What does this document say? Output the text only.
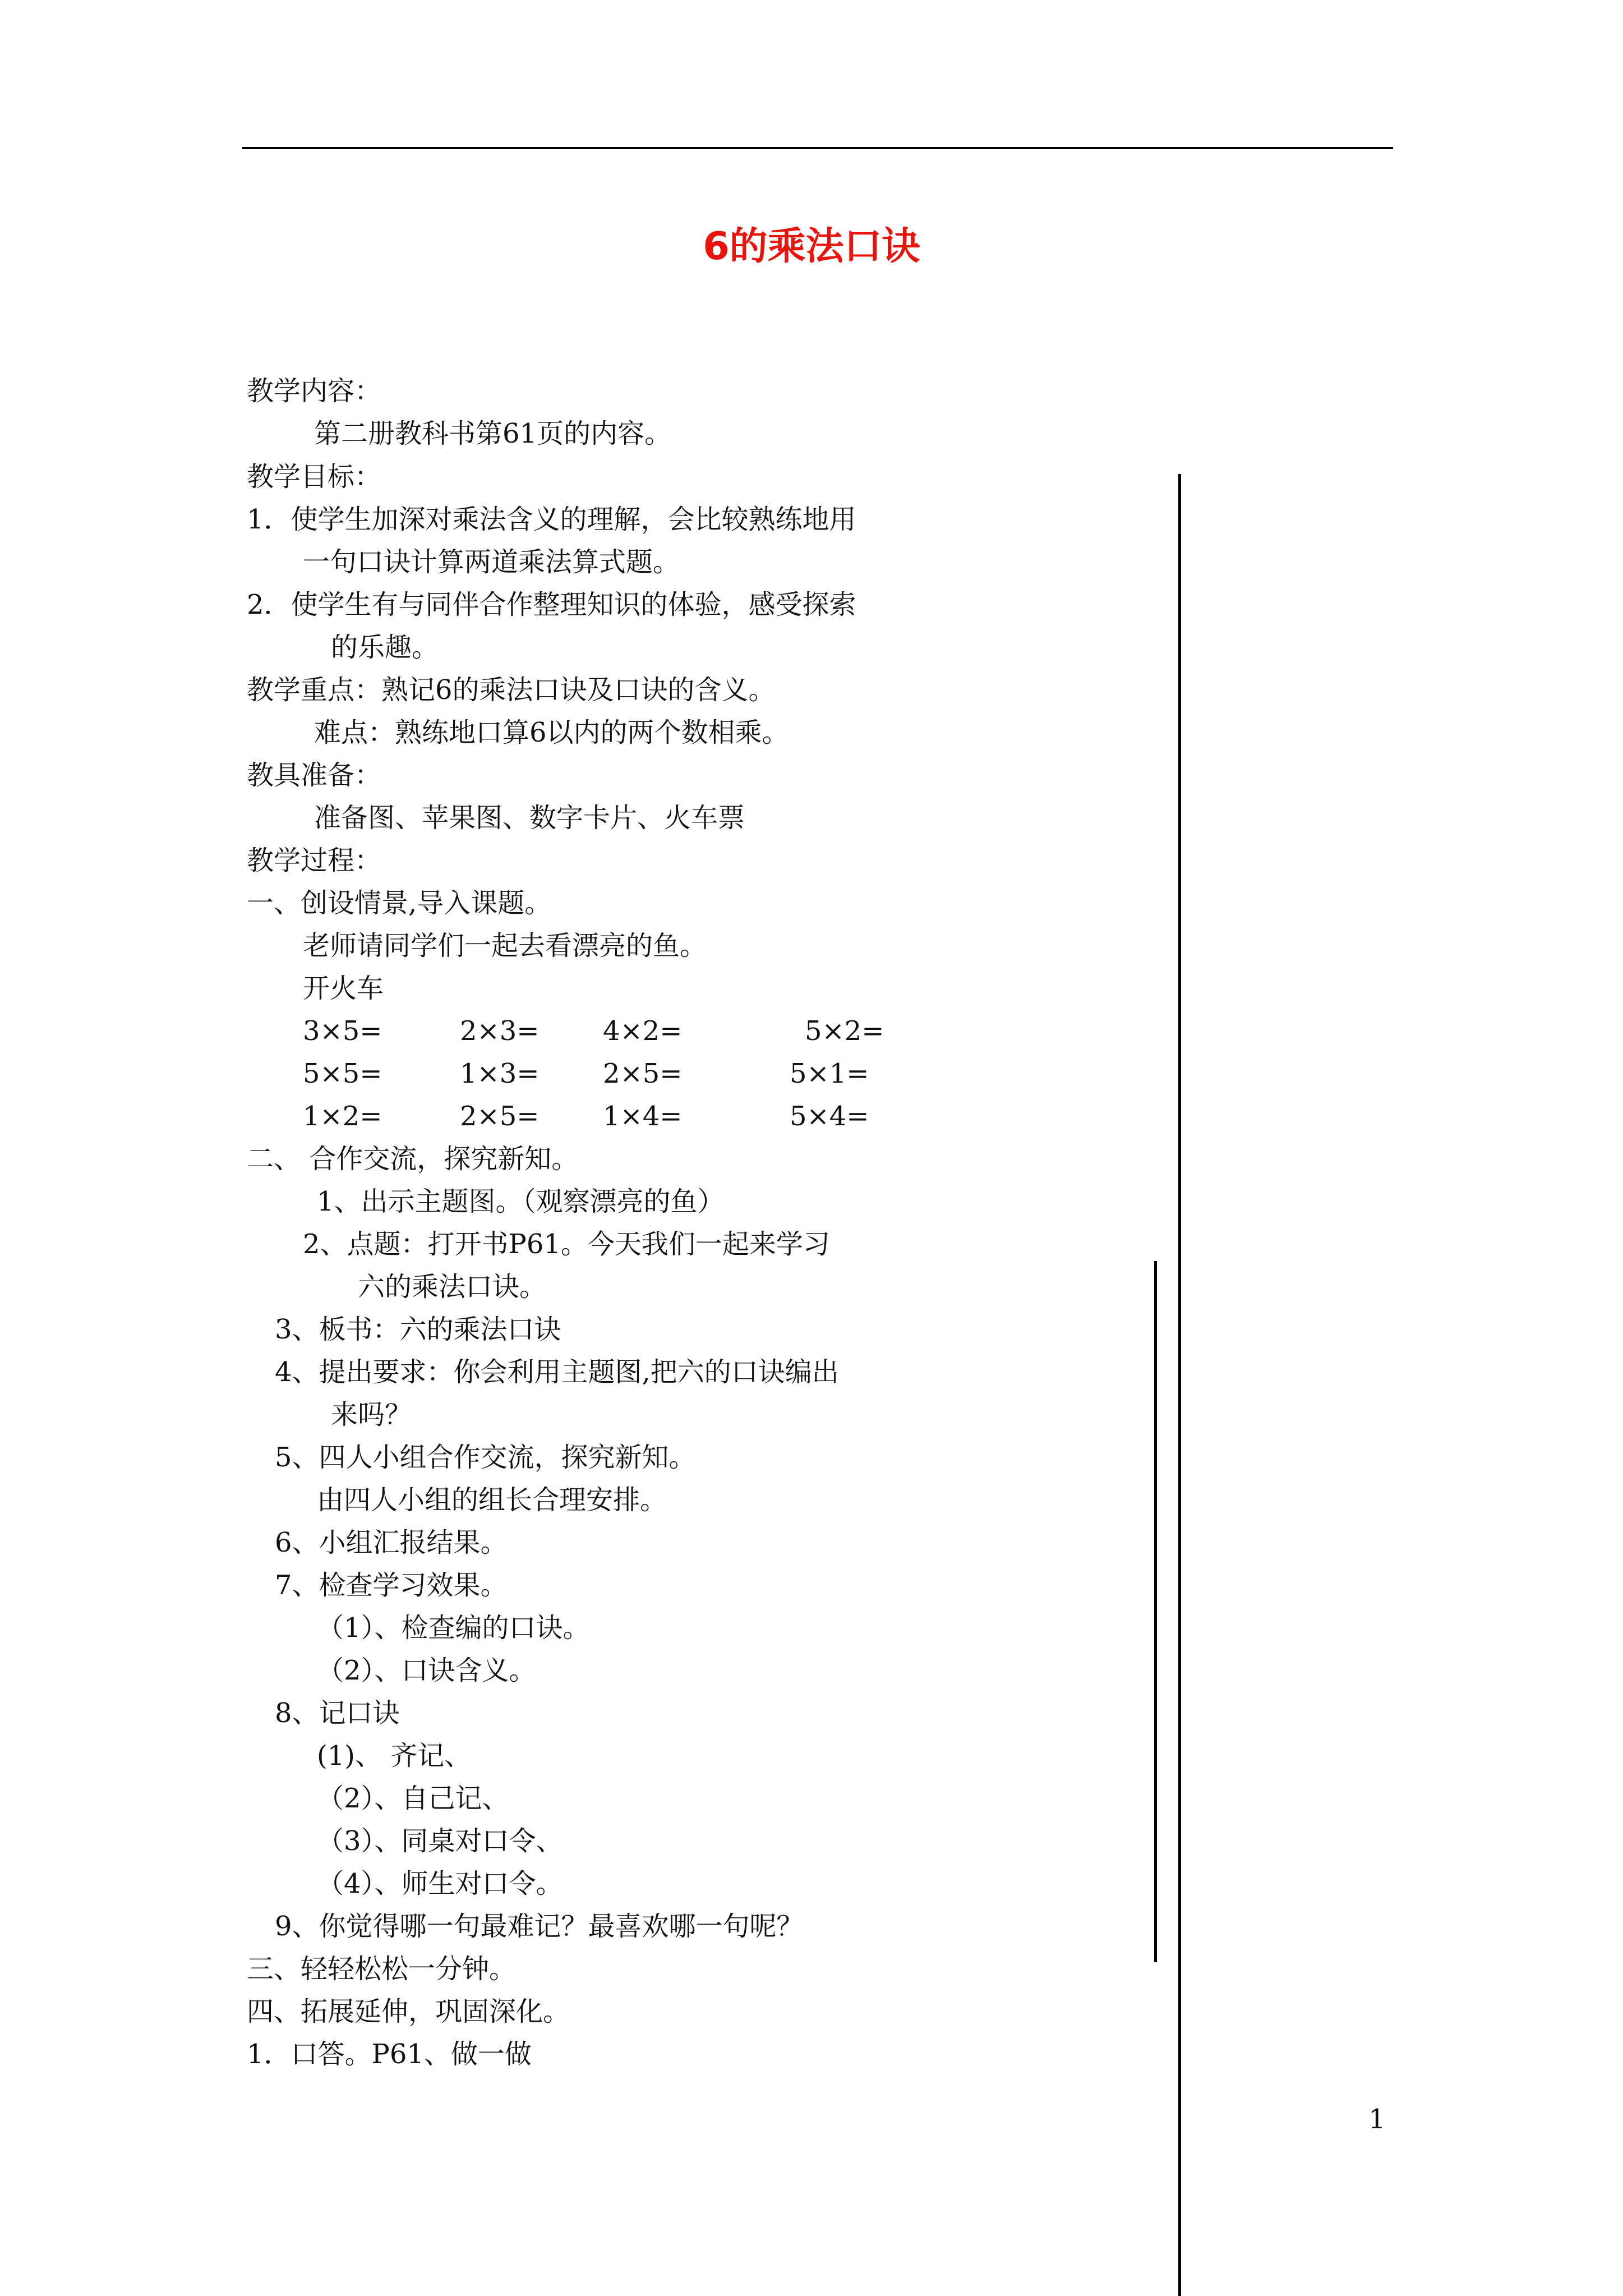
6的乘法口诀
教学内容：
第二册教科书第61页的内容。
教学目标：
1．使学生加深对乘法含义的理解，会比较熟练地用
一句口诀计算两道乘法算式题。
2．使学生有与同伴合作整理知识的体验，感受探索
的乐趣。
教学重点：熟记6的乘法口诀及口诀的含义。
难点：熟练地口算6以内的两个数相乘。
教具准备：
准备图、苹果图、数字卡片、火车票
教学过程：
一、创设情景,导入课题。
老师请同学们一起去看漂亮的鱼。
开火车
3×5=	2×3= 4×2=	5×2=
5×5=	1×3= 2×5=	5×1=
1×2=	2×5= 1×4=	5×4=
二、 合作交流，探究新知。
1、出示主题图。（观察漂亮的鱼）
2、点题：打开书P61。今天我们一起来学习
六的乘法口诀。
3、板书：六的乘法口诀
4、提出要求：你会利用主题图,把六的口诀编出
来吗？
5、四人小组合作交流，探究新知。
由四人小组的组长合理安排。
6、小组汇报结果。
7、检查学习效果。
（1）、检查编的口诀。
（2）、口诀含义。
8、记口诀
(1)、 齐记、
（2）、自己记、
（3）、同桌对口令、
（4）、师生对口令。
9、你觉得哪一句最难记？最喜欢哪一句呢？
三、轻轻松松一分钟。
四、拓展延伸，巩固深化。
1．口答。P61、做一做
1
